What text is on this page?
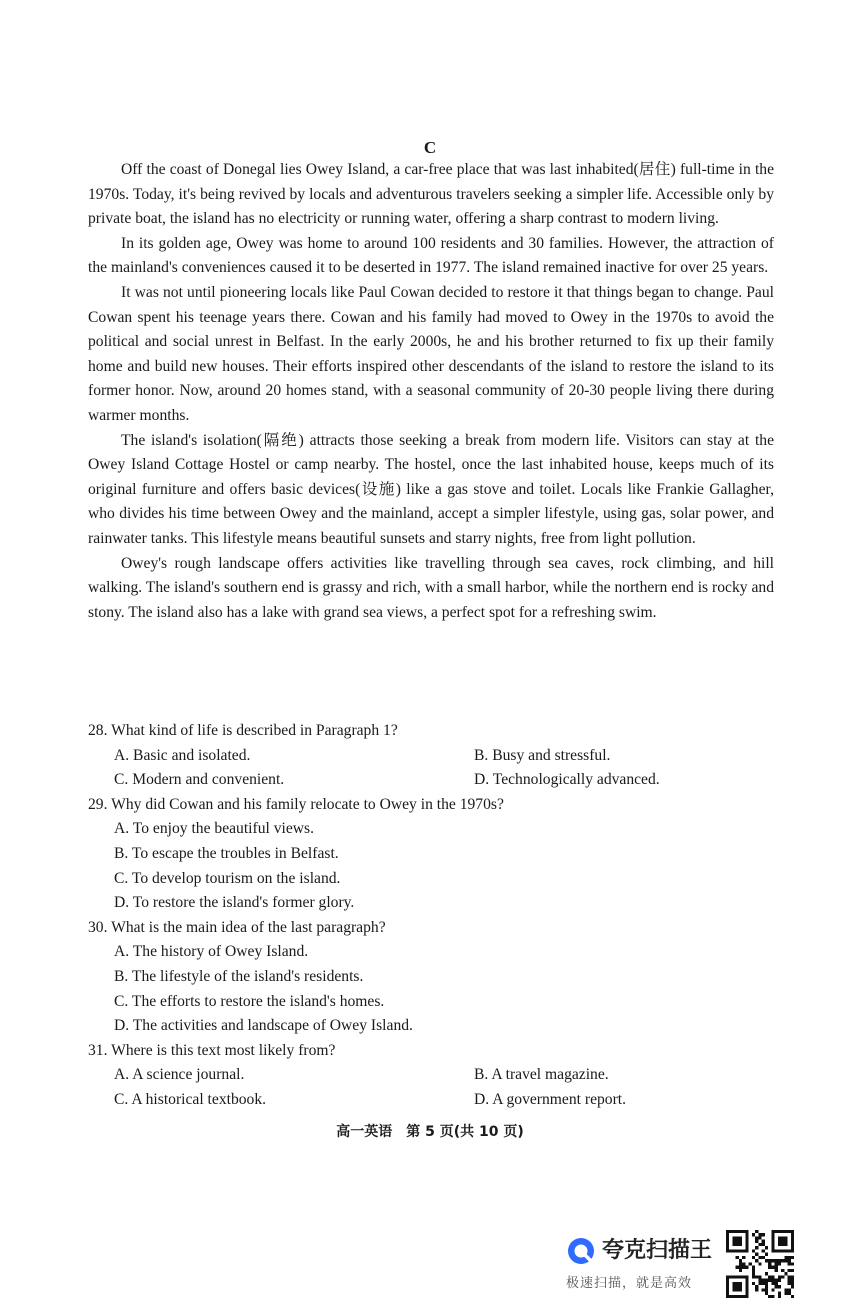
C

Off the coast of Donegal lies Owey Island, a car-free place that was last inhabited(居住) full-time in the 1970s. Today, it's being revived by locals and adventurous travelers seeking a simpler life. Accessible only by private boat, the island has no electricity or running water, offering a sharp contrast to modern living.

In its golden age, Owey was home to around 100 residents and 30 families. However, the attraction of the mainland's conveniences caused it to be deserted in 1977. The island remained inactive for over 25 years.

It was not until pioneering locals like Paul Cowan decided to restore it that things began to change. Paul Cowan spent his teenage years there. Cowan and his family had moved to Owey in the 1970s to avoid the political and social unrest in Belfast. In the early 2000s, he and his brother returned to fix up their family home and build new houses. Their efforts inspired other descendants of the island to restore the island to its former honor. Now, around 20 homes stand, with a seasonal community of 20-30 people living there during warmer months.

The island's isolation(隔绝) attracts those seeking a break from modern life. Visitors can stay at the Owey Island Cottage Hostel or camp nearby. The hostel, once the last inhabited house, keeps much of its original furniture and offers basic devices(设施) like a gas stove and toilet. Locals like Frankie Gallagher, who divides his time between Owey and the mainland, accept a simpler lifestyle, using gas, solar power, and rainwater tanks. This lifestyle means beautiful sunsets and starry nights, free from light pollution.

Owey's rough landscape offers activities like travelling through sea caves, rock climbing, and hill walking. The island's southern end is grassy and rich, with a small harbor, while the northern end is rocky and stony. The island also has a lake with grand sea views, a perfect spot for a refreshing swim.

28. What kind of life is described in Paragraph 1?

A. Basic and isolated.	B. Busy and stressful.
C. Modern and convenient.	D. Technologically advanced.

29. Why did Cowan and his family relocate to Owey in the 1970s?

A. To enjoy the beautiful views.
B. To escape the troubles in Belfast.
C. To develop tourism on the island.
D. To restore the island's former glory.

30. What is the main idea of the last paragraph?

A. The history of Owey Island.
B. The lifestyle of the island's residents.
C. The efforts to restore the island's homes.
D. The activities and landscape of Owey Island.

31. Where is this text most likely from?

A. A science journal.	B. A travel magazine.
C. A historical textbook.	D. A government report.
高一英语　第 5 页(共 10 页)
夸克扫描王
极速扫描，就是高效
